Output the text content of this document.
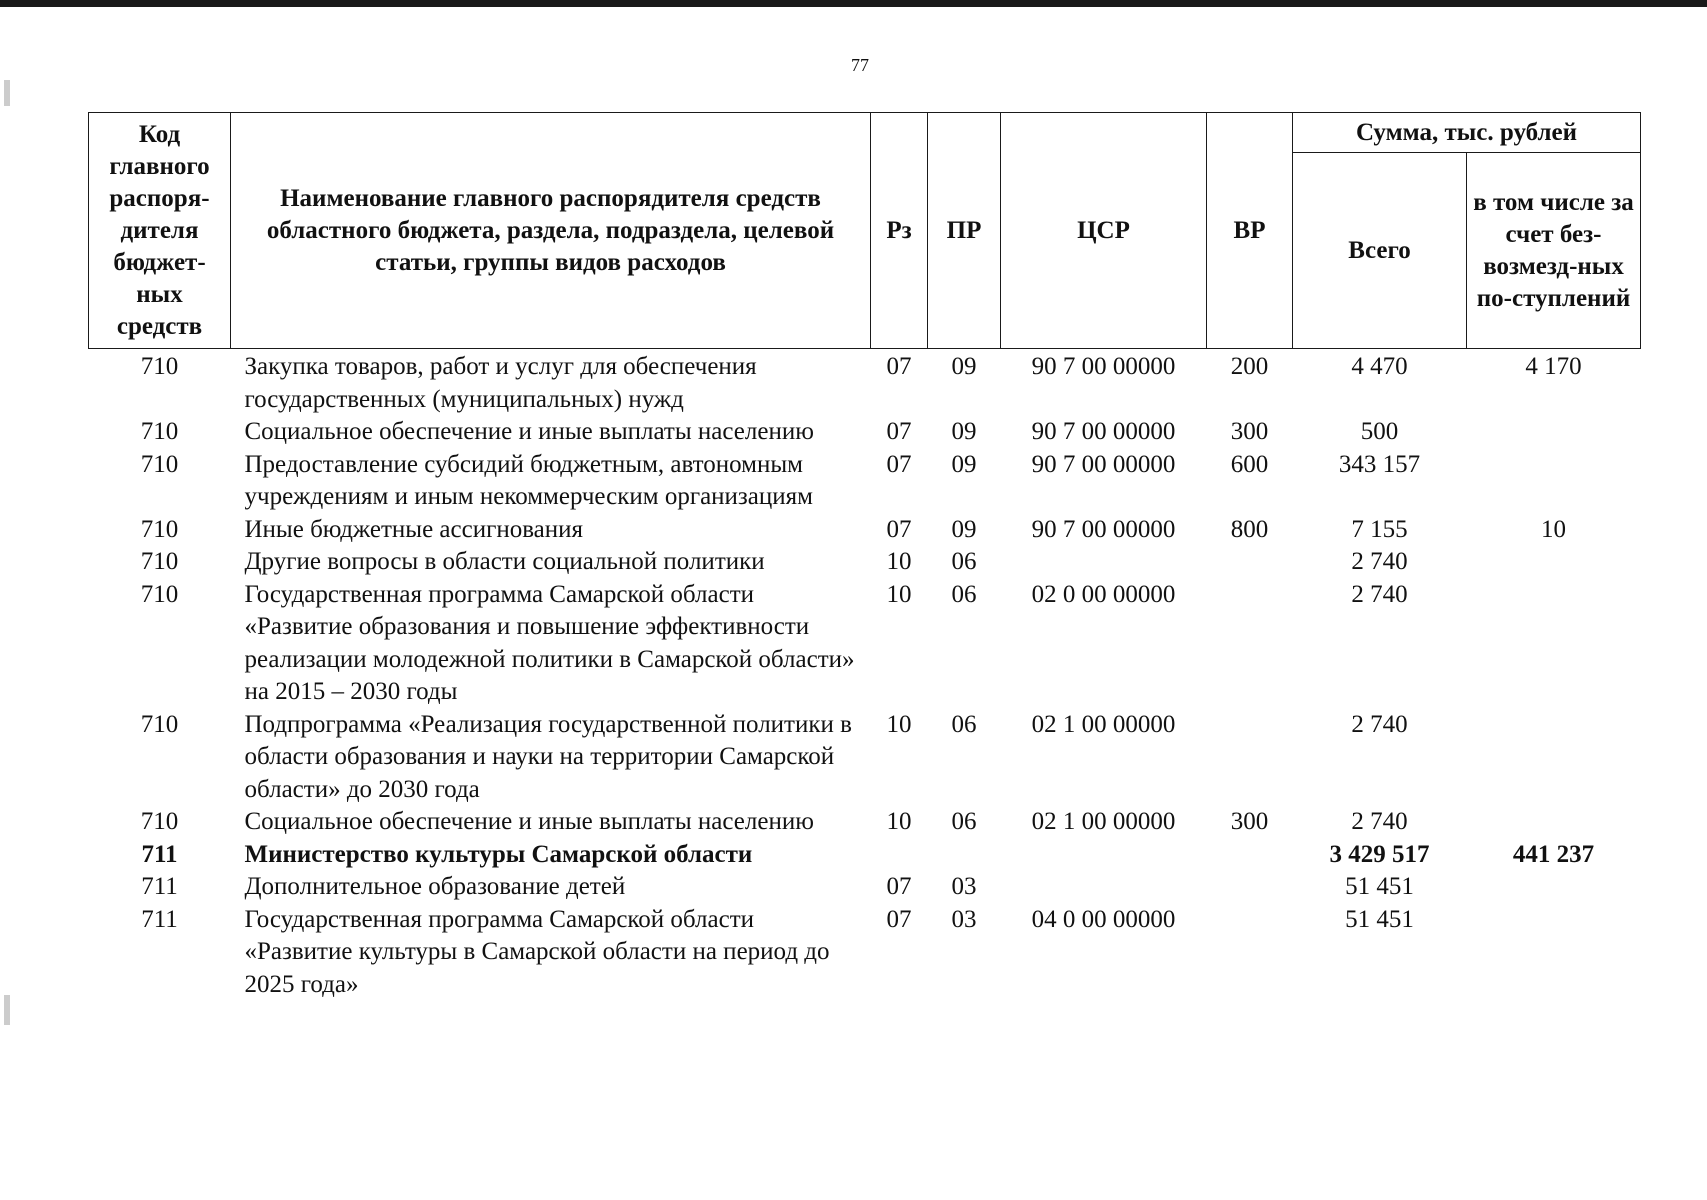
77
Код главного распоря-дителя бюджет-ных средств	Наименование главного распорядителя средств областного бюджета, раздела, подраздела, целевой статьи, группы видов расходов	Рз	ПР	ЦСР	ВР	Сумма, тыс. рублей	
						Всего	в том числе за счет без-возмезд-ных по-ступлений
710	Закупка товаров, работ и услуг для обеспечения государственных (муниципальных) нужд	07	09	90 7 00 00000	200	4 470	4 170
710	Социальное обеспечение и иные выплаты населению	07	09	90 7 00 00000	300	500	
710	Предоставление субсидий бюджетным, автономным учреждениям и иным некоммерческим организациям	07	09	90 7 00 00000	600	343 157	
710	Иные бюджетные ассигнования	07	09	90 7 00 00000	800	7 155	10
710	Другие вопросы в области социальной политики	10	06			2 740	
710	Государственная программа Самарской области «Развитие образования и повышение эффективности реализации молодежной политики в Самарской области» на 2015 – 2030 годы	10	06	02 0 00 00000		2 740	
710	Подпрограмма «Реализация государственной политики в области образования и науки на территории Самарской области» до 2030 года	10	06	02 1 00 00000		2 740	
710	Социальное обеспечение и иные выплаты населению	10	06	02 1 00 00000	300	2 740	
711	Министерство культуры Самарской области					3 429 517	441 237
711	Дополнительное образование детей	07	03			51 451	
711	Государственная программа Самарской области «Развитие культуры в Самарской области на период до 2025 года»	07	03	04 0 00 00000		51 451	
